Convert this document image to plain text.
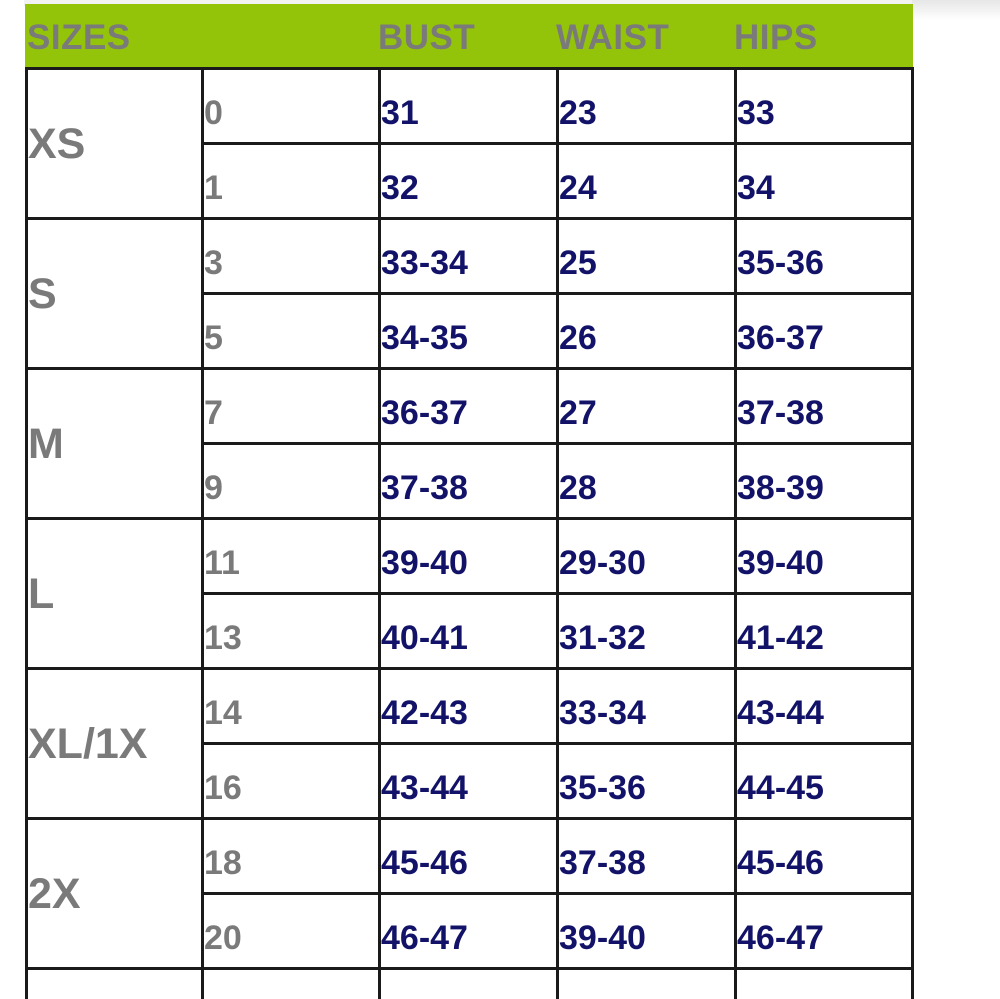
SIZES	BUST WAIST HIPS
XS
0	31	23	33
1	32	24	34
S
3	33-34	25	35-36
5	34-35	26	36-37
M
7	36-37	27	37-38
9	37-38	28	38-39
L
11	39-40	29-30	39-40
13	40-41	31-32	41-42
XL/1X
14	42-43	33-34	43-44
16	43-44	35-36	44-45
2X
18	45-46	37-38	45-46
20	46-47	39-40	46-47
